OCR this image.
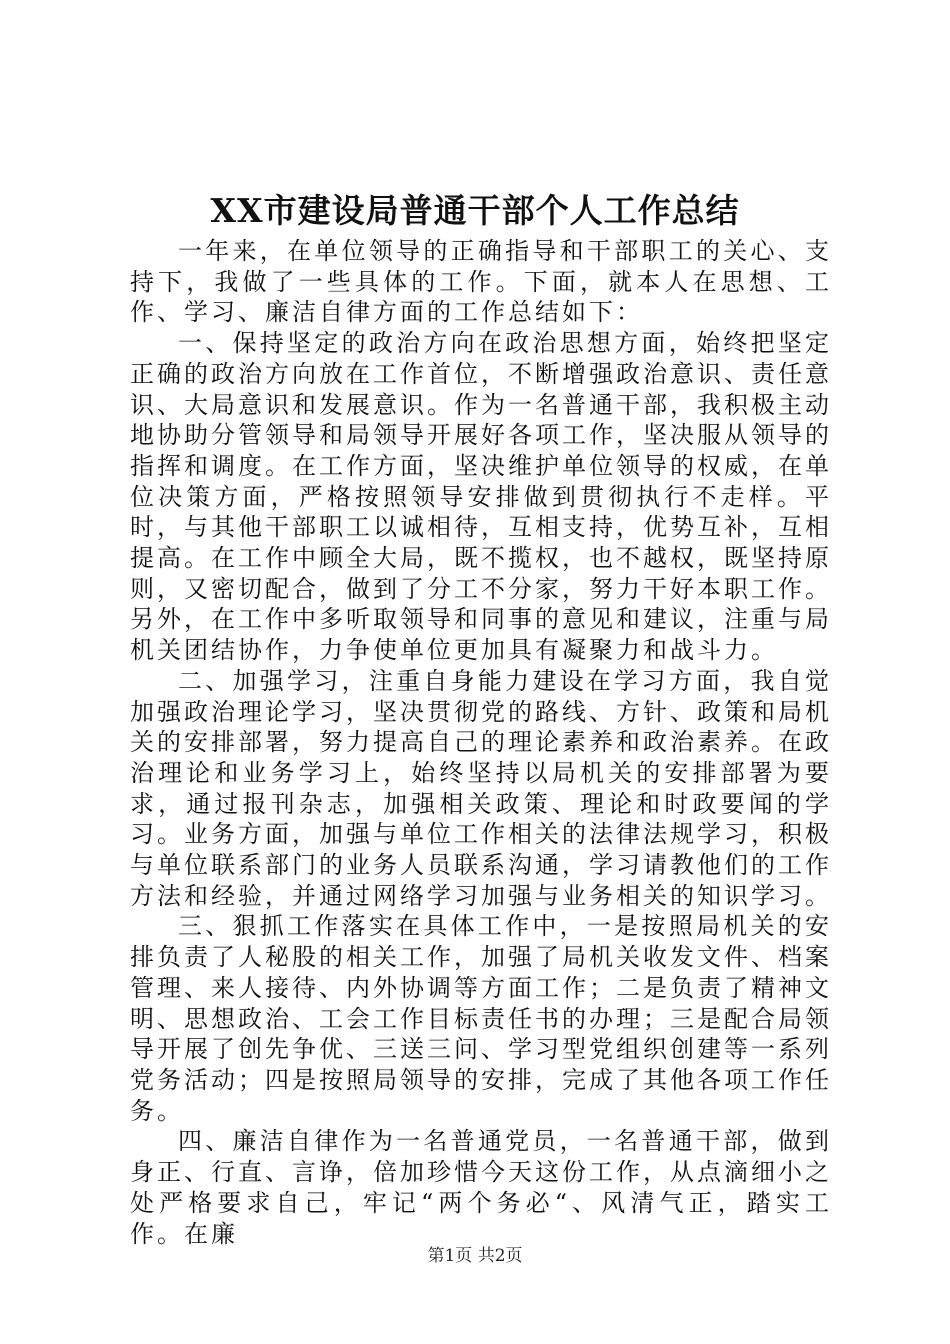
XX市建设局普通干部个人工作总结

一年来，在单位领导的正确指导和干部职工的关心、支持下，我做了一些具体的工作。下面，就本人在思想、工作、学习、廉洁自律方面的工作总结如下：

一、保持坚定的政治方向在政治思想方面，始终把坚定正确的政治方向放在工作首位，不断增强政治意识、责任意识、大局意识和发展意识。作为一名普通干部，我积极主动地协助分管领导和局领导开展好各项工作，坚决服从领导的指挥和调度。在工作方面，坚决维护单位领导的权威，在单位决策方面，严格按照领导安排做到贯彻执行不走样。平时，与其他干部职工以诚相待，互相支持，优势互补，互相提高。在工作中顾全大局，既不揽权，也不越权，既坚持原则，又密切配合，做到了分工不分家，努力干好本职工作。另外，在工作中多听取领导和同事的意见和建议，注重与局机关团结协作，力争使单位更加具有凝聚力和战斗力。

二、加强学习，注重自身能力建设在学习方面，我自觉加强政治理论学习，坚决贯彻党的路线、方针、政策和局机关的安排部署，努力提高自己的理论素养和政治素养。在政治理论和业务学习上，始终坚持以局机关的安排部署为要求，通过报刊杂志，加强相关政策、理论和时政要闻的学习。业务方面，加强与单位工作相关的法律法规学习，积极与单位联系部门的业务人员联系沟通，学习请教他们的工作方法和经验，并通过网络学习加强与业务相关的知识学习。

三、狠抓工作落实在具体工作中，一是按照局机关的安排负责了人秘股的相关工作，加强了局机关收发文件、档案管理、来人接待、内外协调等方面工作；二是负责了精神文明、思想政治、工会工作目标责任书的办理；三是配合局领导开展了创先争优、三送三问、学习型党组织创建等一系列党务活动；四是按照局领导的安排，完成了其他各项工作任务。

四、廉洁自律作为一名普通党员，一名普通干部，做到身正、行直、言诤，倍加珍惜今天这份工作，从点滴细小之处严格要求自己，牢记“两个务必“、风清气正，踏实工作。在廉

第1页 共2页
